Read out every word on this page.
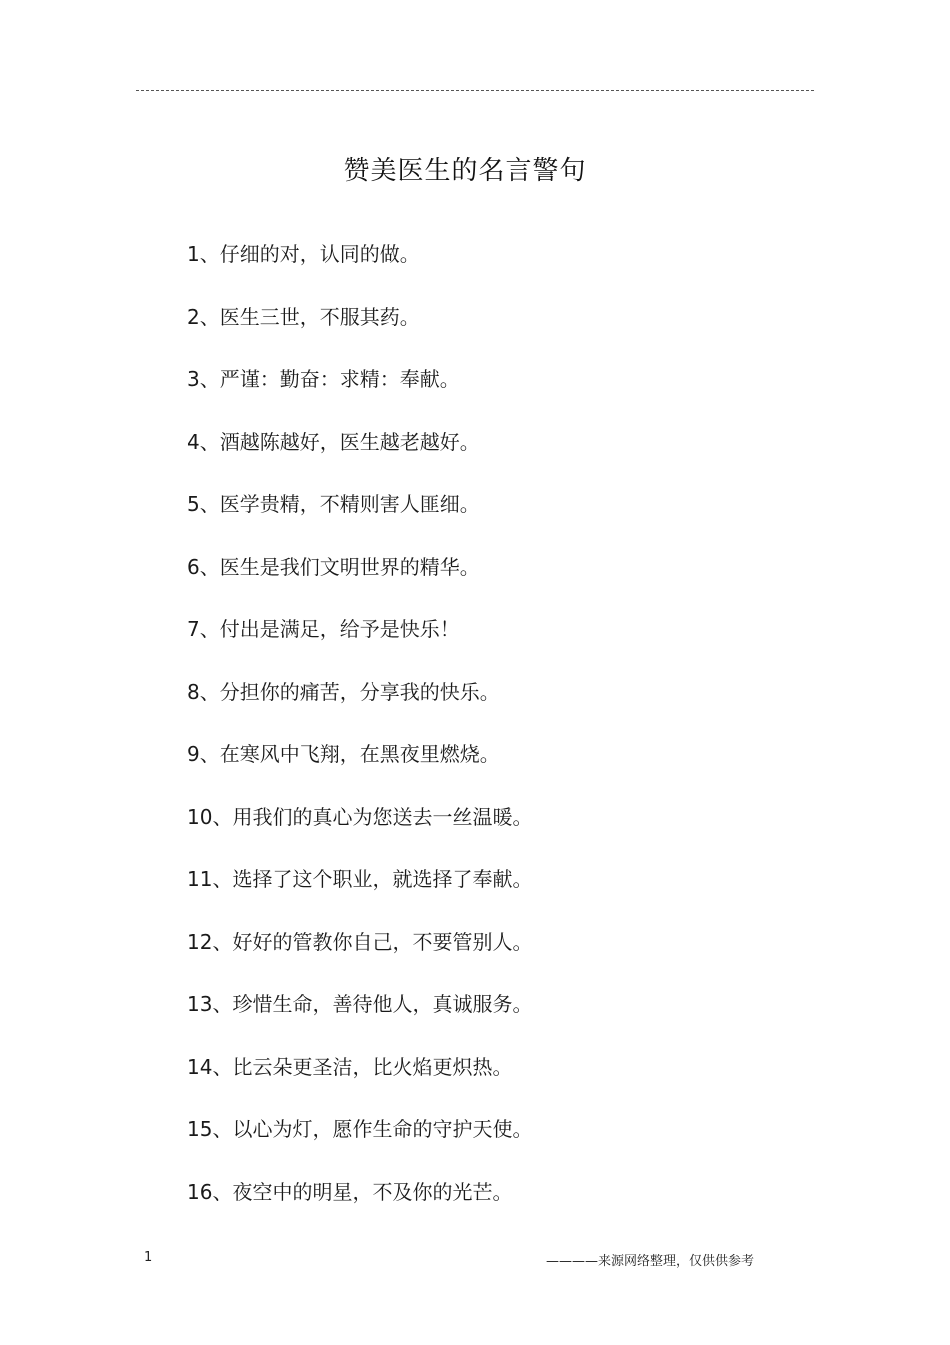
赞美医生的名言警句
1、仔细的对，认同的做。
2、医生三世，不服其药。
3、严谨：勤奋：求精：奉献。
4、酒越陈越好，医生越老越好。
5、医学贵精，不精则害人匪细。
6、医生是我们文明世界的精华。
7、付出是满足，给予是快乐！
8、分担你的痛苦，分享我的快乐。
9、在寒风中飞翔，在黑夜里燃烧。
10、用我们的真心为您送去一丝温暖。
11、选择了这个职业，就选择了奉献。
12、好好的管教你自己，不要管别人。
13、珍惜生命，善待他人，真诚服务。
14、比云朵更圣洁，比火焰更炽热。
15、以心为灯，愿作生命的守护天使。
16、夜空中的明星，不及你的光芒。
1	————来源网络整理，仅供供参考
